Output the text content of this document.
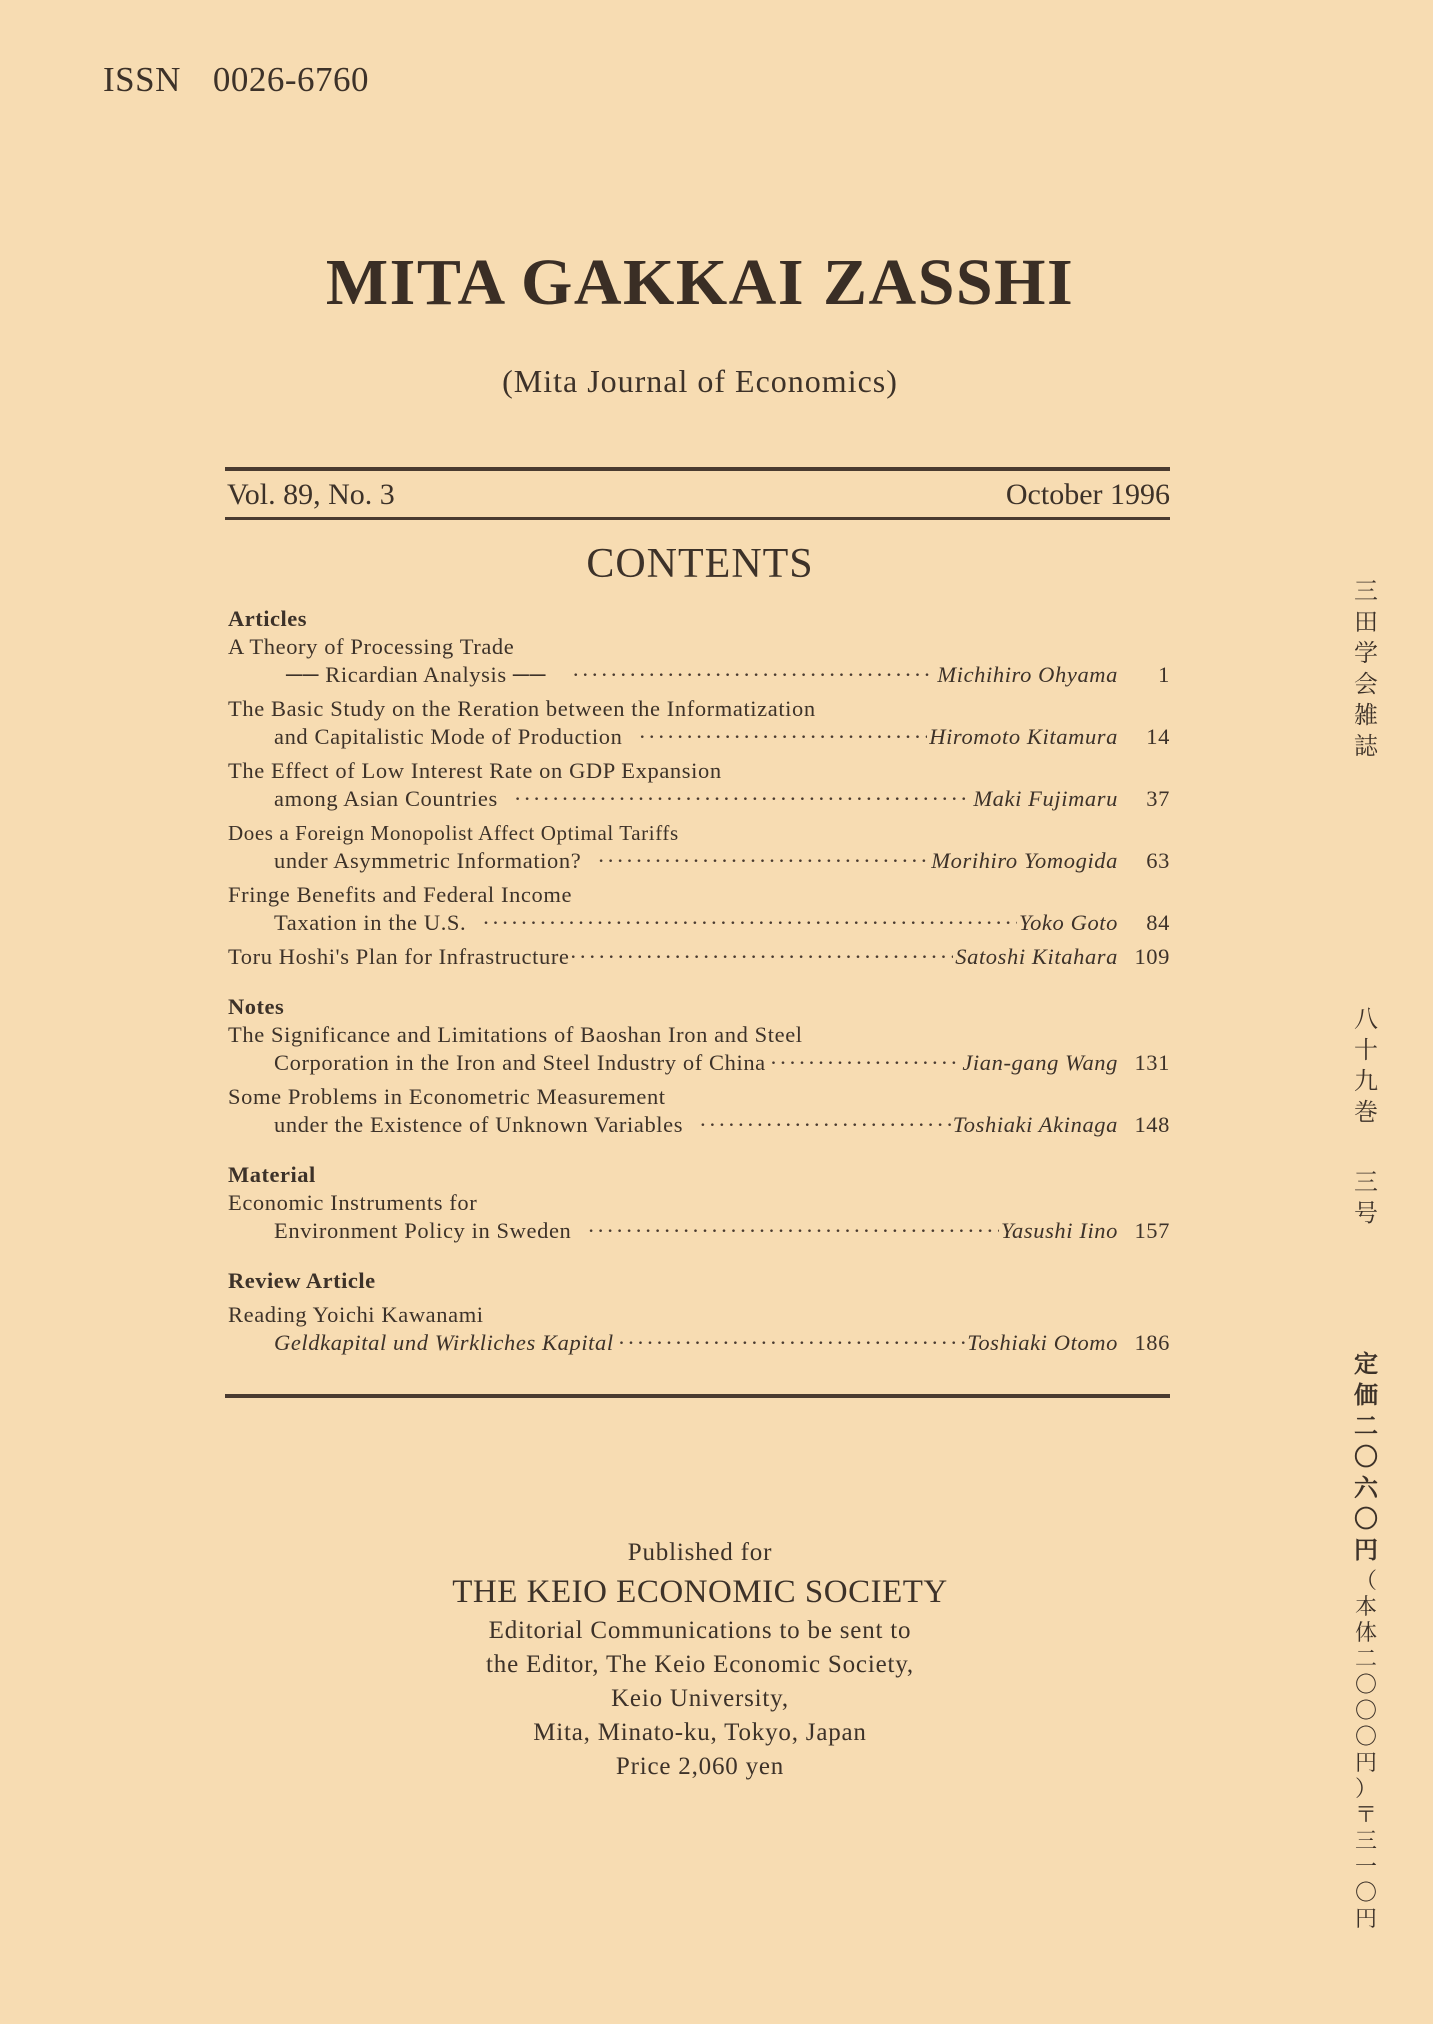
ISSN 0026-6760
MITA GAKKAI ZASSHI
(Mita Journal of Economics)
Vol. 89, No. 3	October 1996
CONTENTS
Articles
A Theory of Processing Trade
── Ricardian Analysis ── ·····	Michihiro Ohyama	1
The Basic Study on the Reration between the Informatization
and Capitalistic Mode of Production ·····	Hiromoto Kitamura	14
The Effect of Low Interest Rate on GDP Expansion
among Asian Countries ·····	Maki Fujimaru	37
Does a Foreign Monopolist Affect Optimal Tariffs
under Asymmetric Information? ·····	Morihiro Yomogida	63
Fringe Benefits and Federal Income
Taxation in the U.S. ·····	Yoko Goto	84
Toru Hoshi's Plan for Infrastructure ·····	Satoshi Kitahara 109
Notes
The Significance and Limitations of Baoshan Iron and Steel
Corporation in the Iron and Steel Industry of China ·····	Jian-gang Wang 131
Some Problems in Econometric Measurement
under the Existence of Unknown Variables ·····	Toshiaki Akinaga 148
Material
Economic Instruments for
Environment Policy in Sweden ·····	Yasushi Iino 157
Review Article
Reading Yoichi Kawanami
Geldkapital und Wirkliches Kapital ·····	Toshiaki Otomo 186
Published for
THE KEIO ECONOMIC SOCIETY
Editorial Communications to be sent to
the Editor, The Keio Economic Society,
Keio University,
Mita, Minato-ku, Tokyo, Japan
Price 2,060 yen
三
田
学
会
雑
誌
八
十
九
巻
三
号
定
価
二
〇
六
〇
円
（
本
体
二
〇
〇
〇
円
）
〒
三
一
〇
円
